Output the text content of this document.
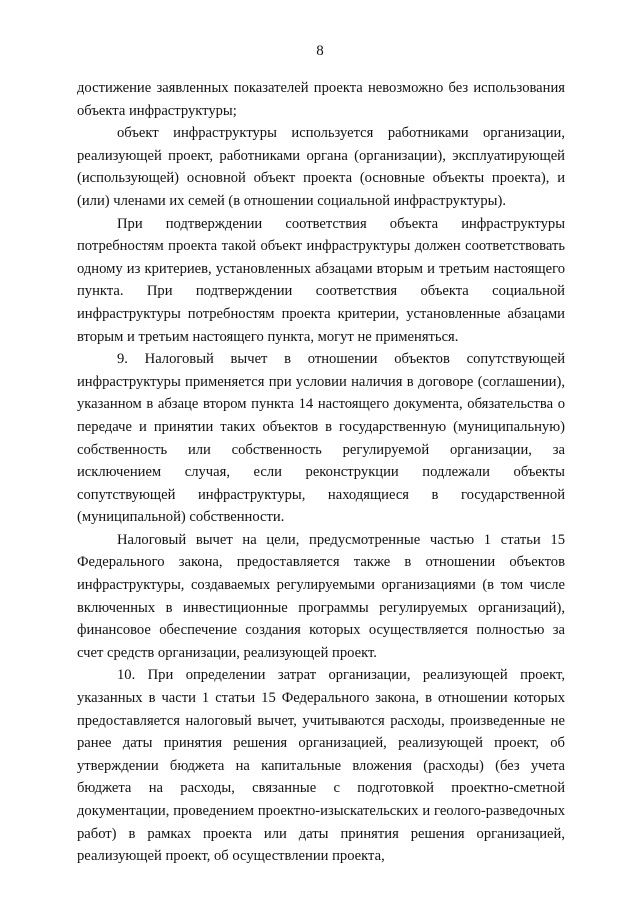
8

достижение заявленных показателей проекта невозможно без использования объекта инфраструктуры;

объект инфраструктуры используется работниками организации, реализующей проект, работниками органа (организации), эксплуатирующей (использующей) основной объект проекта (основные объекты проекта), и (или) членами их семей (в отношении социальной инфраструктуры).

При подтверждении соответствия объекта инфраструктуры потребностям проекта такой объект инфраструктуры должен соответствовать одному из критериев, установленных абзацами вторым и третьим настоящего пункта. При подтверждении соответствия объекта социальной инфраструктуры потребностям проекта критерии, установленные абзацами вторым и третьим настоящего пункта, могут не применяться.

9. Налоговый вычет в отношении объектов сопутствующей инфраструктуры применяется при условии наличия в договоре (соглашении), указанном в абзаце втором пункта 14 настоящего документа, обязательства о передаче и принятии таких объектов в государственную (муниципальную) собственность или собственность регулируемой организации, за исключением случая, если реконструкции подлежали объекты сопутствующей инфраструктуры, находящиеся в государственной (муниципальной) собственности.

Налоговый вычет на цели, предусмотренные частью 1 статьи 15 Федерального закона, предоставляется также в отношении объектов инфраструктуры, создаваемых регулируемыми организациями (в том числе включенных в инвестиционные программы регулируемых организаций), финансовое обеспечение создания которых осуществляется полностью за счет средств организации, реализующей проект.

10. При определении затрат организации, реализующей проект, указанных в части 1 статьи 15 Федерального закона, в отношении которых предоставляется налоговый вычет, учитываются расходы, произведенные не ранее даты принятия решения организацией, реализующей проект, об утверждении бюджета на капитальные вложения (расходы) (без учета бюджета на расходы, связанные с подготовкой проектно-сметной документации, проведением проектно-изыскательских и геолого-разведочных работ) в рамках проекта или даты принятия решения организацией, реализующей проект, об осуществлении проекта,
